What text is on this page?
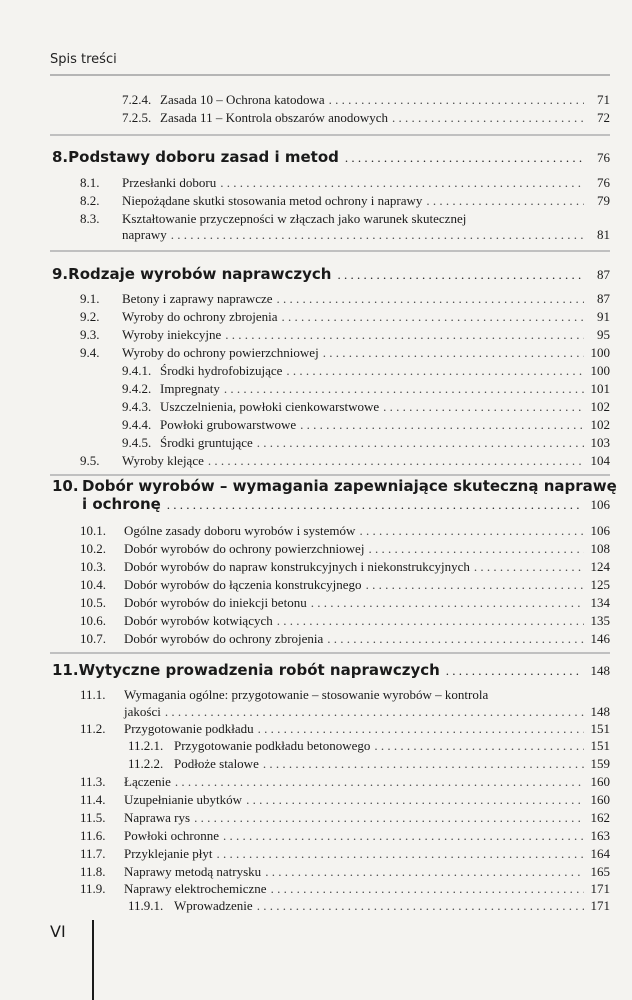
Spis treści
7.2.4. Zasada 10 – Ochrona katodowa . . .	71
7.2.5. Zasada 11 – Kontrola obszarów anodowych . . .	72
8. Podstawy doboru zasad i metod . . .	76
8.1.	Przesłanki doboru . . .	76
8.2.	Niepożądane skutki stosowania metod ochrony i naprawy . . .	79
8.3. Kształtowanie przyczepności w złączach jako warunek skutecznej
naprawy . . .	81
9. Rodzaje wyrobów naprawczych . . .	87
9.1.	Betony i zaprawy naprawcze . . .	87
9.2.	Wyroby do ochrony zbrojenia . . .	91
9.3.	Wyroby iniekcyjne . . .	95
9.4.	Wyroby do ochrony powierzchniowej . . .	100
9.4.1. Środki hydrofobizujące . . .	100
9.4.2. Impregnaty . . .	101
9.4.3. Uszczelnienia, powłoki cienkowarstwowe . . .	102
9.4.4. Powłoki grubowarstwowe . . .	102
9.4.5. Środki gruntujące . . .	103
9.5.	Wyroby klejące . . .	104
10. Dobór wyrobów – wymagania zapewniające skuteczną naprawę
i ochronę . . .	106
10.1.	Ogólne zasady doboru wyrobów i systemów . . .	106
10.2.	Dobór wyrobów do ochrony powierzchniowej . . .	108
10.3.	Dobór wyrobów do napraw konstrukcyjnych i niekonstrukcyjnych . . .	124
10.4.	Dobór wyrobów do łączenia konstrukcyjnego . . .	125
10.5.	Dobór wyrobów do iniekcji betonu . . .	134
10.6.	Dobór wyrobów kotwiących . . .	135
10.7.	Dobór wyrobów do ochrony zbrojenia . . .	146
11. Wytyczne prowadzenia robót naprawczych . . .	148
11.1. Wymagania ogólne: przygotowanie – stosowanie wyrobów – kontrola
jakości . . .	148
11.2.	Przygotowanie podkładu . . .	151
11.2.1. Przygotowanie podkładu betonowego . . .	151
11.2.2. Podłoże stalowe . . .	159
11.3.	Łączenie . . .	160
11.4.	Uzupełnianie ubytków . . .	160
11.5.	Naprawa rys . . .	162
11.6.	Powłoki ochronne . . .	163
11.7.	Przyklejanie płyt . . .	164
11.8.	Naprawy metodą natrysku . . .	165
11.9.	Naprawy elektrochemiczne . . .	171
11.9.1. Wprowadzenie . . .	171
VI
